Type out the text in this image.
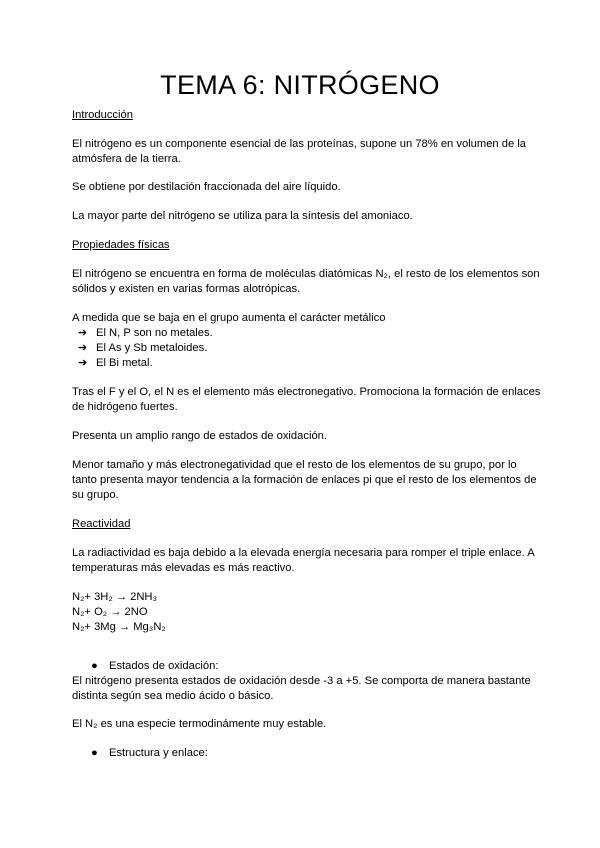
TEMA 6: NITRÓGENO
Introducción
El nitrógeno es un componente esencial de las proteínas, supone un 78% en volumen de la atmósfera de la tierra.
Se obtiene por destilación fraccionada del aire líquido.
La mayor parte del nitrógeno se utiliza para la síntesis del amoniaco.
Propiedades físicas
El nitrógeno se encuentra en forma de moléculas diatómicas N₂, el resto de los elementos son sólidos y existen en varias formas alotrópicas.
A medida que se baja en el grupo aumenta el carácter metálico
➔ El N, P son no metales.
➔ El As y Sb metaloides.
➔ El Bi metal.
Tras el F y el O, el N es el elemento más electronegativo. Promociona la formación de enlaces de hidrógeno fuertes.
Presenta un amplio rango de estados de oxidación.
Menor tamaño y más electronegatividad que el resto de los elementos de su grupo, por lo tanto presenta mayor tendencia a la formación de enlaces pi que el resto de los elementos de su grupo.
Reactividad
La radiactividad es baja debido a la elevada energía necesaria para romper el triple enlace. A temperaturas más elevadas es más reactivo.
N₂+ 3H₂ → 2NH₃
N₂+ O₂ → 2NO
N₂+ 3Mg → Mg₃N₂
● Estados de oxidación:
El nitrógeno presenta estados de oxidación desde -3 a +5. Se comporta de manera bastante distinta según sea medio ácido o básico.
El N₂ es una especie termodinámente muy estable.
● Estructura y enlace:
